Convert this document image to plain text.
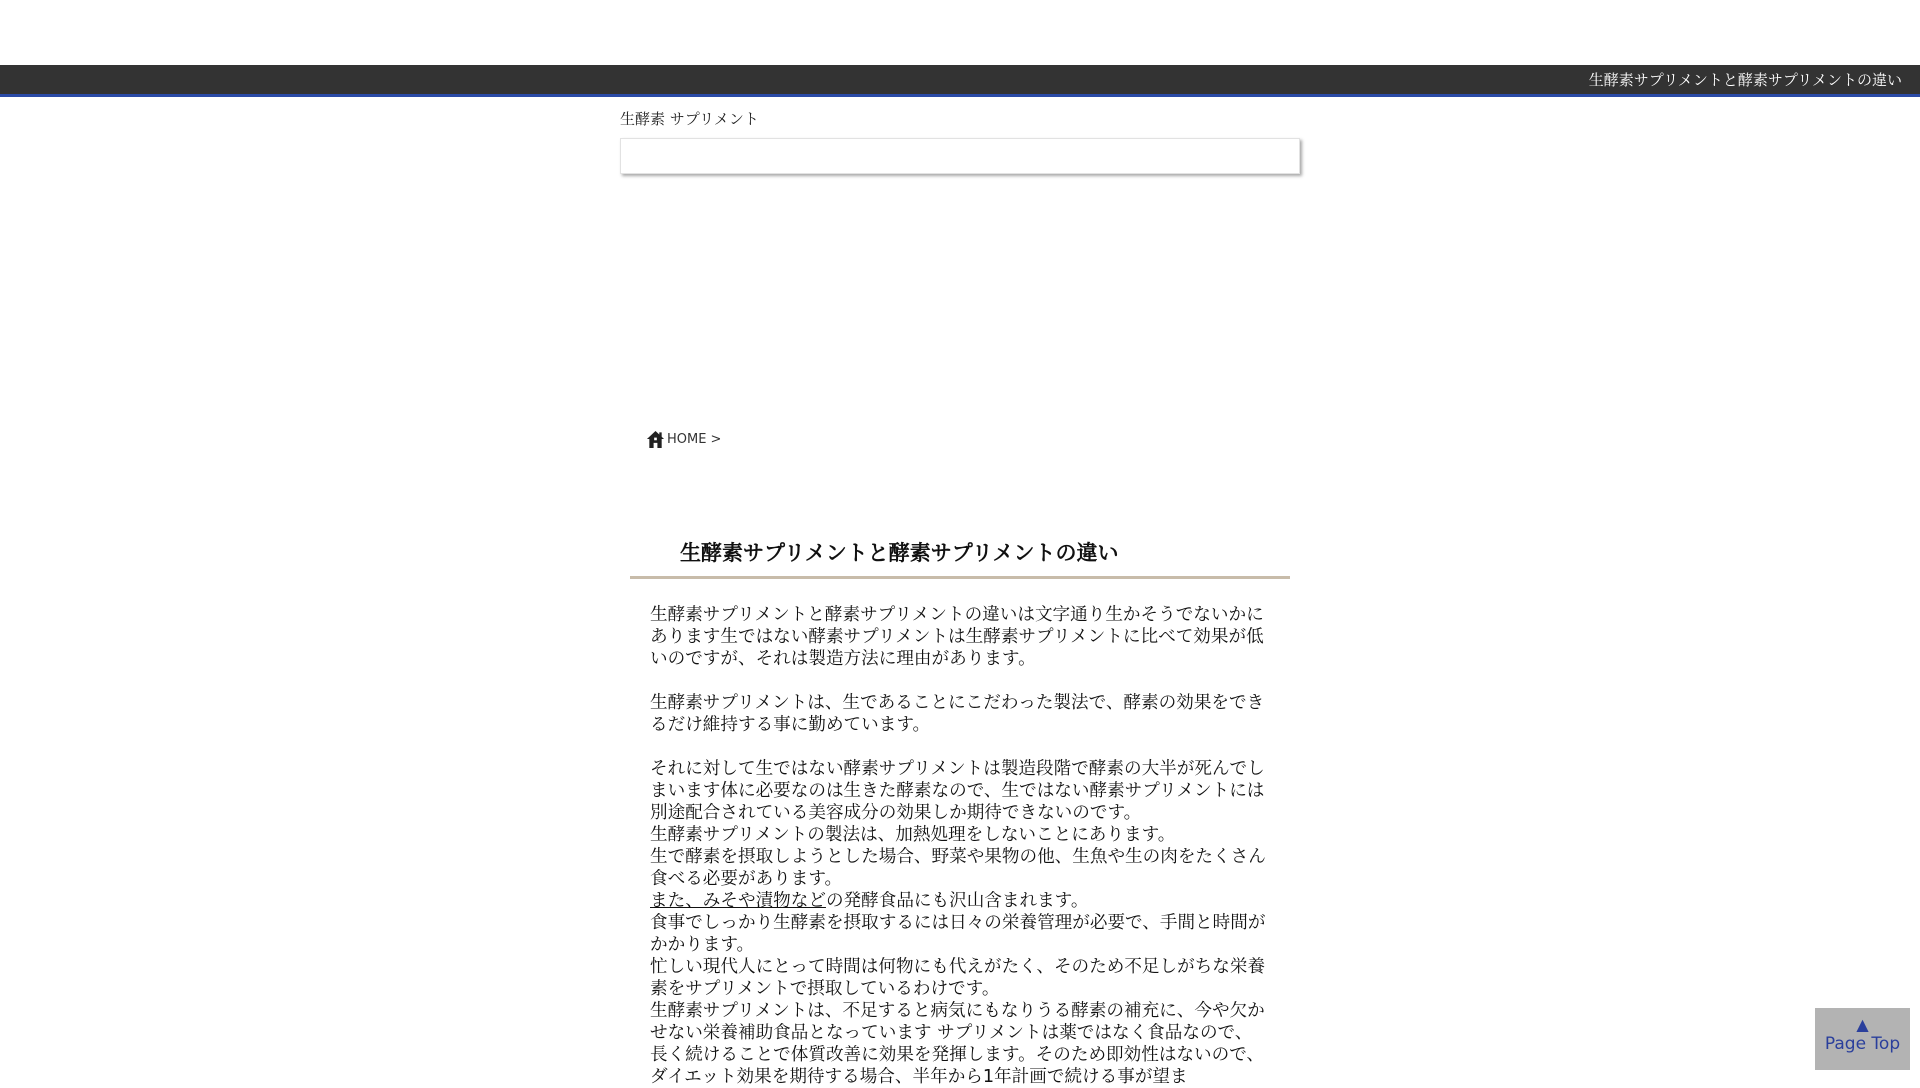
生酵素サプリメントと酵素サプリメントの違い
生酵素 サプリメント
HOME >
生酵素サプリメントと酵素サプリメントの違い

生酵素サプリメントと酵素サプリメントの違いは文字通り生かそうでないかにあります生ではない酵素サプリメントは生酵素サプリメントに比べて効果が低いのですが、それは製造方法に理由があります。

生酵素サプリメントは、生であることにこだわった製法で、酵素の効果をできるだけ維持する事に勤めています。

それに対して生ではない酵素サプリメントは製造段階で酵素の大半が死んでしまいます体に必要なのは生きた酵素なので、生ではない酵素サプリメントには別途配合されている美容成分の効果しか期待できないのです。

生酵素サプリメントの製法は、加熱処理をしないことにあります。

生で酵素を摂取しようとした場合、野菜や果物の他、生魚や生の肉をたくさん食べる必要があります。

また、みそや漬物などの発酵食品にも沢山含まれます。

食事でしっかり生酵素を摂取するには日々の栄養管理が必要で、手間と時間がかかります。

忙しい現代人にとって時間は何物にも代えがたく、そのため不足しがちな栄養素をサプリメントで摂取しているわけです。

生酵素サプリメントは、不足すると病気にもなりうる酵素の補充に、今や欠かせない栄養補助食品となっています サプリメントは薬ではなく食品なので、長く続けることで体質改善に効果を発揮します。そのため即効性はないので、ダイエット効果を期待する場合、半年から1年計画で続ける事が望ま

▲
Page Top
